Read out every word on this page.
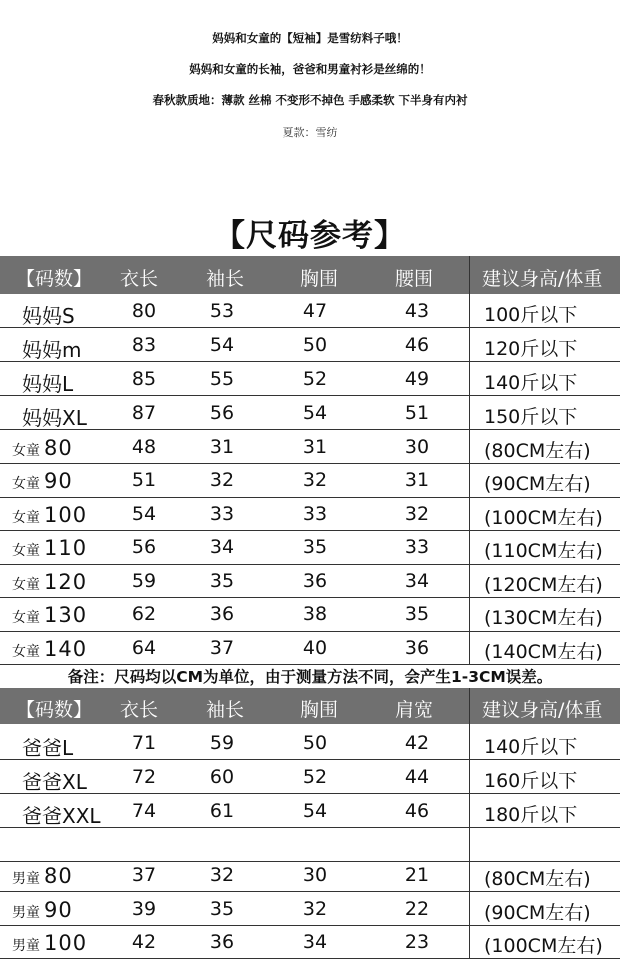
妈妈和女童的【短袖】是雪纺料子哦！
妈妈和女童的长袖，爸爸和男童衬衫是丝绵的！
春秋款质地：薄款 丝棉 不变形不掉色 手感柔软 下半身有内衬
夏款：雪纺
【尺码参考】
【码数】 衣长	袖长	胸围	腰围	建议身高/体重
妈妈S	80	53	47	43	100斤以下
妈妈m	83	54	50	46	120斤以下
妈妈L	85	55	52	49	140斤以下
妈妈XL	87	56	54	51	150斤以下
女童 80	48	31	31	30	(80CM左右)
女童 90	51	32	32	31	(90CM左右)
女童 100	54	33	33	32	(100CM左右)
女童 110	56	34	35	33	(110CM左右)
女童 120	59	35	36	34	(120CM左右)
女童 130	62	36	38	35	(130CM左右)
女童 140	64	37	40	36	(140CM左右)
备注：尺码均以CM为单位，由于测量方法不同，会产生1-3CM误差。
【码数】 衣长	袖长	胸围	肩宽	建议身高/体重
爸爸L	71	59	50	42	140斤以下
爸爸XL	72	60	52	44	160斤以下
爸爸XXL	74	61	54	46	180斤以下
男童 80	37	32	30	21	(80CM左右)
男童 90	39	35	32	22	(90CM左右)
男童 100	42	36	34	23	(100CM左右)
